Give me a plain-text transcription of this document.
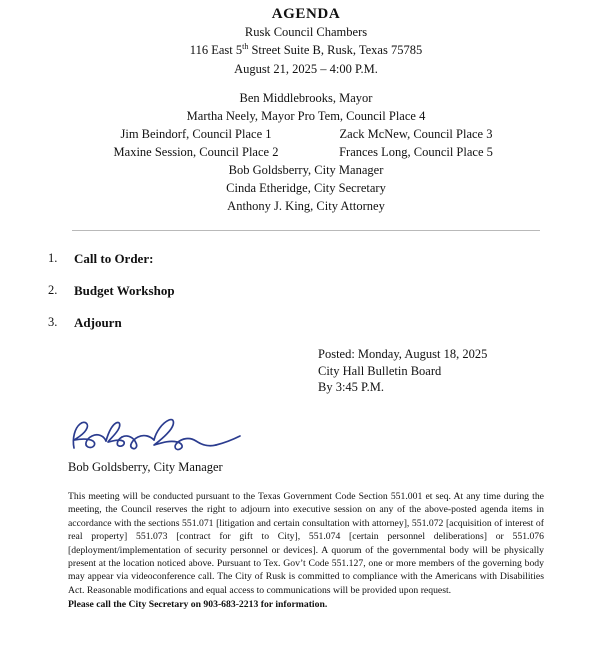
AGENDA
Rusk Council Chambers
116 East 5th Street Suite B, Rusk, Texas 75785
August 21, 2025 – 4:00 P.M.
Ben Middlebrooks, Mayor
Martha Neely, Mayor Pro Tem, Council Place 4
Jim Beindorf, Council Place 1	Zack McNew, Council Place 3
Maxine Session, Council Place 2	Frances Long, Council Place 5
Bob Goldsberry, City Manager
Cinda Etheridge, City Secretary
Anthony J. King, City Attorney
1. Call to Order:
2. Budget Workshop
3. Adjourn
Posted: Monday, August 18, 2025
City Hall Bulletin Board
By 3:45 P.M.
Bob Goldsberry, City Manager

This meeting will be conducted pursuant to the Texas Government Code Section 551.001 et seq. At any time during the meeting, the Council reserves the right to adjourn into executive session on any of the above-posted agenda items in accordance with the sections 551.071 [litigation and certain consultation with attorney], 551.072 [acquisition of interest of real property] 551.073 [contract for gift to City], 551.074 [certain personnel deliberations] or 551.076 [deployment/implementation of security personnel or devices]. A quorum of the governmental body will be physically present at the location noticed above. Pursuant to Tex. Gov’t Code 551.127, one or more members of the governing body may appear via videoconference call. The City of Rusk is committed to compliance with the Americans with Disabilities Act. Reasonable modifications and equal access to communications will be provided upon request.

Please call the City Secretary on 903-683-2213 for information.
